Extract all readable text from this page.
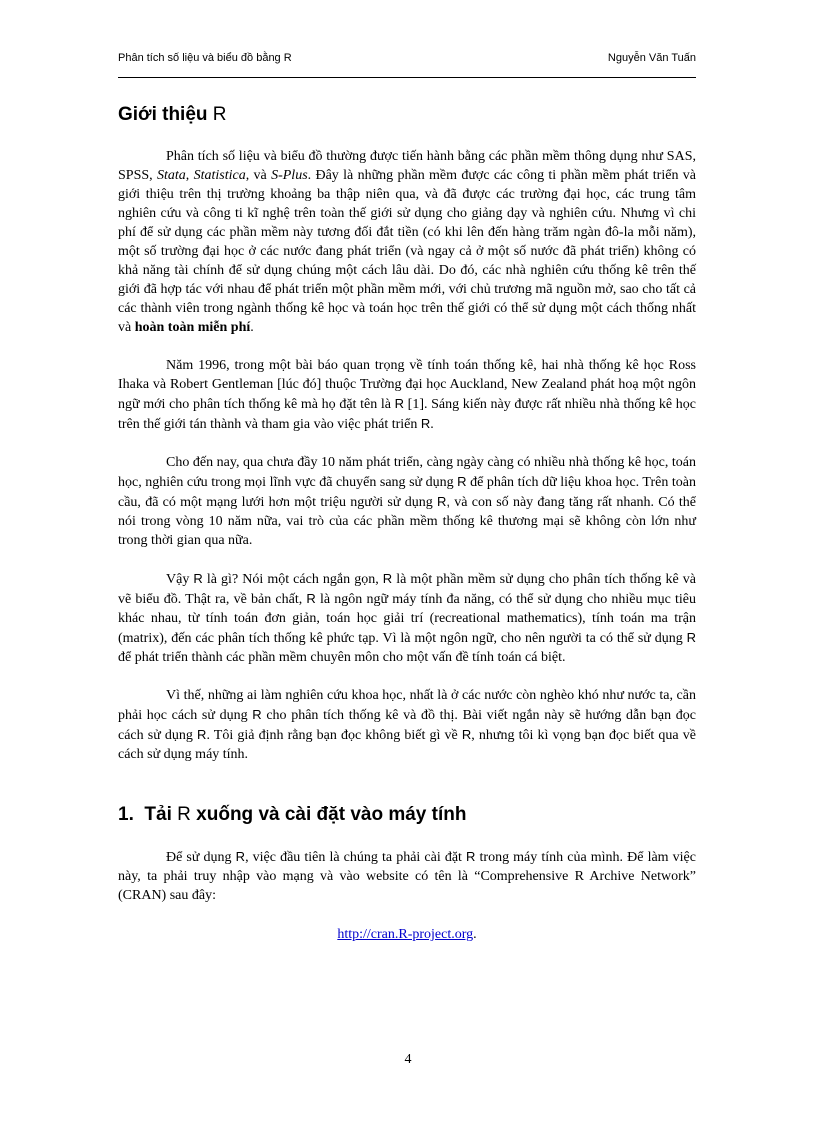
Phân tích số liệu và biểu đồ bằng R	Nguyễn Văn Tuấn
Giới thiệu R

Phân tích số liệu và biểu đồ thường được tiến hành bằng các phần mềm thông dụng như SAS, SPSS, Stata, Statistica, và S-Plus. Đây là những phần mềm được các công ti phần mềm phát triển và giới thiệu trên thị trường khoảng ba thập niên qua, và đã được các trường đại học, các trung tâm nghiên cứu và công ti kĩ nghệ trên toàn thế giới sử dụng cho giảng dạy và nghiên cứu. Nhưng vì chi phí để sử dụng các phần mềm này tương đối đắt tiền (có khi lên đến hàng trăm ngàn đô-la mỗi năm), một số trường đại học ở các nước đang phát triển (và ngay cả ở một số nước đã phát triển) không có khả năng tài chính để sử dụng chúng một cách lâu dài. Do đó, các nhà nghiên cứu thống kê trên thế giới đã hợp tác với nhau để phát triển một phần mềm mới, với chủ trương mã nguồn mở, sao cho tất cả các thành viên trong ngành thống kê học và toán học trên thế giới có thể sử dụng một cách thống nhất và hoàn toàn miễn phí.

Năm 1996, trong một bài báo quan trọng về tính toán thống kê, hai nhà thống kê học Ross Ihaka và Robert Gentleman [lúc đó] thuộc Trường đại học Auckland, New Zealand phát hoạ một ngôn ngữ mới cho phân tích thống kê mà họ đặt tên là R [1]. Sáng kiến này được rất nhiều nhà thống kê học trên thế giới tán thành và tham gia vào việc phát triển R.

Cho đến nay, qua chưa đầy 10 năm phát triển, càng ngày càng có nhiều nhà thống kê học, toán học, nghiên cứu trong mọi lĩnh vực đã chuyển sang sử dụng R để phân tích dữ liệu khoa học. Trên toàn cầu, đã có một mạng lưới hơn một triệu người sử dụng R, và con số này đang tăng rất nhanh. Có thể nói trong vòng 10 năm nữa, vai trò của các phần mềm thống kê thương mại sẽ không còn lớn như trong thời gian qua nữa.

Vậy R là gì? Nói một cách ngắn gọn, R là một phần mềm sử dụng cho phân tích thống kê và vẽ biểu đồ. Thật ra, về bản chất, R là ngôn ngữ máy tính đa năng, có thể sử dụng cho nhiều mục tiêu khác nhau, từ tính toán đơn giản, toán học giải trí (recreational mathematics), tính toán ma trận (matrix), đến các phân tích thống kê phức tạp. Vì là một ngôn ngữ, cho nên người ta có thể sử dụng R để phát triển thành các phần mềm chuyên môn cho một vấn đề tính toán cá biệt.

Vì thế, những ai làm nghiên cứu khoa học, nhất là ở các nước còn nghèo khó như nước ta, cần phải học cách sử dụng R cho phân tích thống kê và đồ thị. Bài viết ngắn này sẽ hướng dẫn bạn đọc cách sử dụng R. Tôi giả định rằng bạn đọc không biết gì về R, nhưng tôi kì vọng bạn đọc biết qua về cách sử dụng máy tính.

1. Tải R xuống và cài đặt vào máy tính

Để sử dụng R, việc đầu tiên là chúng ta phải cài đặt R trong máy tính của mình. Để làm việc này, ta phải truy nhập vào mạng và vào website có tên là “Comprehensive R Archive Network” (CRAN) sau đây:

http://cran.R-project.org.

4
